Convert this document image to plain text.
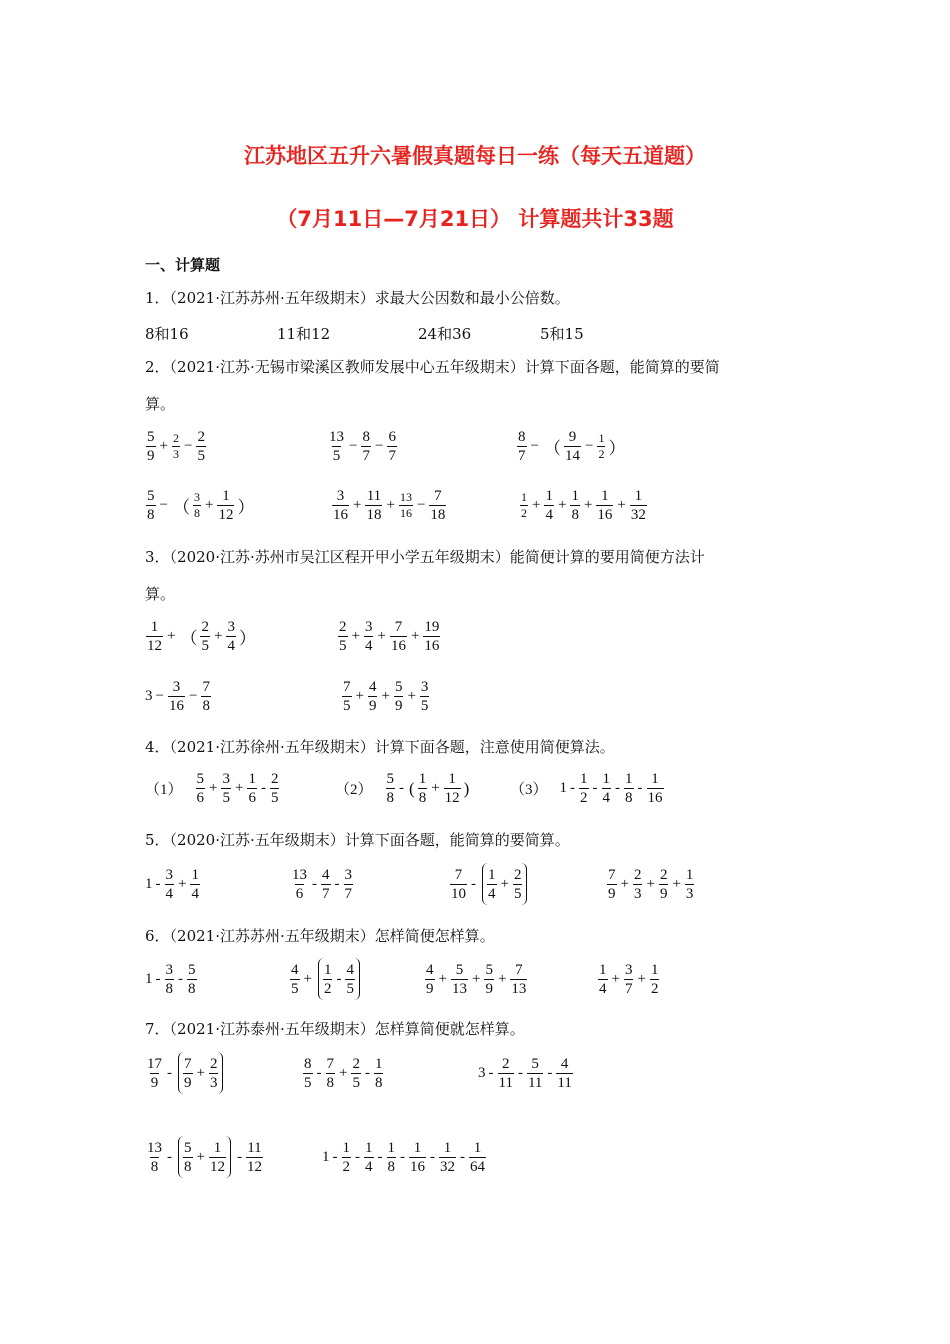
江苏地区五升六暑假真题每日一练（每天五道题）
（7月11日—7月21日） 计算题共计33题
一、计算题
1．（2021·江苏苏州·五年级期末）求最大公因数和最小公倍数。
8和16	11和12	24和36	5和15
2．（2021·江苏·无锡市梁溪区教师发展中心五年级期末）计算下面各题，能简算的要简
算。
$\frac{5}{9} + \frac{2}{3} - \frac{2}{5}$	$\frac{13}{5} - \frac{8}{7} - \frac{6}{7}$	$\frac{8}{7}$ − （ $\frac{9}{14} - \frac{1}{2}$ ）
$\frac{5}{8}$ − （ $\frac{3}{8} + \frac{1}{12}$ ）	$\frac{3}{16} + \frac{11}{18} + \frac{13}{16} - \frac{7}{18}$	$\frac{1}{2} + \frac{1}{4} + \frac{1}{8} + \frac{1}{16} + \frac{1}{32}$
3．（2020·江苏·苏州市吴江区程开甲小学五年级期末）能简便计算的要用简便方法计
算。
$\frac{1}{12}$ + （ $\frac{2}{5} + \frac{3}{4}$ ）	$\frac{2}{5} + \frac{3}{4} + \frac{7}{16} + \frac{19}{16}$
$3 - \frac{3}{16} - \frac{7}{8}$	$\frac{7}{5} + \frac{4}{9} + \frac{5}{9} + \frac{3}{5}$
4．（2021·江苏徐州·五年级期末）计算下面各题，注意使用简便算法。
$(1) \frac{5}{6} + \frac{3}{5} + \frac{1}{6} - \frac{2}{5}$	$(2) \frac{5}{8}$ - ( $\frac{1}{8} + \frac{1}{12}$ )	（3） $1 - \frac{1}{2} - \frac{1}{4} - \frac{1}{8} - \frac{1}{16}$
5．（2020·江苏·五年级期末）计算下面各题，能简算的要简算。
$1 - \frac{3}{4} + \frac{1}{4}$	$\frac{13}{6} - \frac{4}{7} - \frac{3}{7}$	$\frac{7}{10} - \frac{1}{4} + \frac{2}{5}$	$\frac{7}{9} + \frac{2}{3} + \frac{2}{9} + \frac{1}{3}$
6．（2021·江苏苏州·五年级期末）怎样简便怎样算。
$1 - \frac{3}{8} - \frac{5}{8}$	$\frac{4}{5} + \frac{1}{2} - \frac{4}{5}$	$\frac{4}{9} + \frac{5}{13} + \frac{5}{9} + \frac{7}{13}$	$\frac{1}{4} + \frac{3}{7} + \frac{1}{2}$
7．（2021·江苏泰州·五年级期末）怎样算简便就怎样算。
$\frac{17}{9} - \frac{7}{9} + \frac{2}{3}$	$\frac{8}{5} - \frac{7}{8} + \frac{2}{5} - \frac{1}{8}$	$3 - \frac{2}{11} - \frac{5}{11} - \frac{4}{11}$
$\frac{13}{8} - \frac{5}{8} + \frac{1}{12} - \frac{11}{12}$	$1 - \frac{1}{2} - \frac{1}{4} - \frac{1}{8} - \frac{1}{16} - \frac{1}{32} - \frac{1}{64}$
